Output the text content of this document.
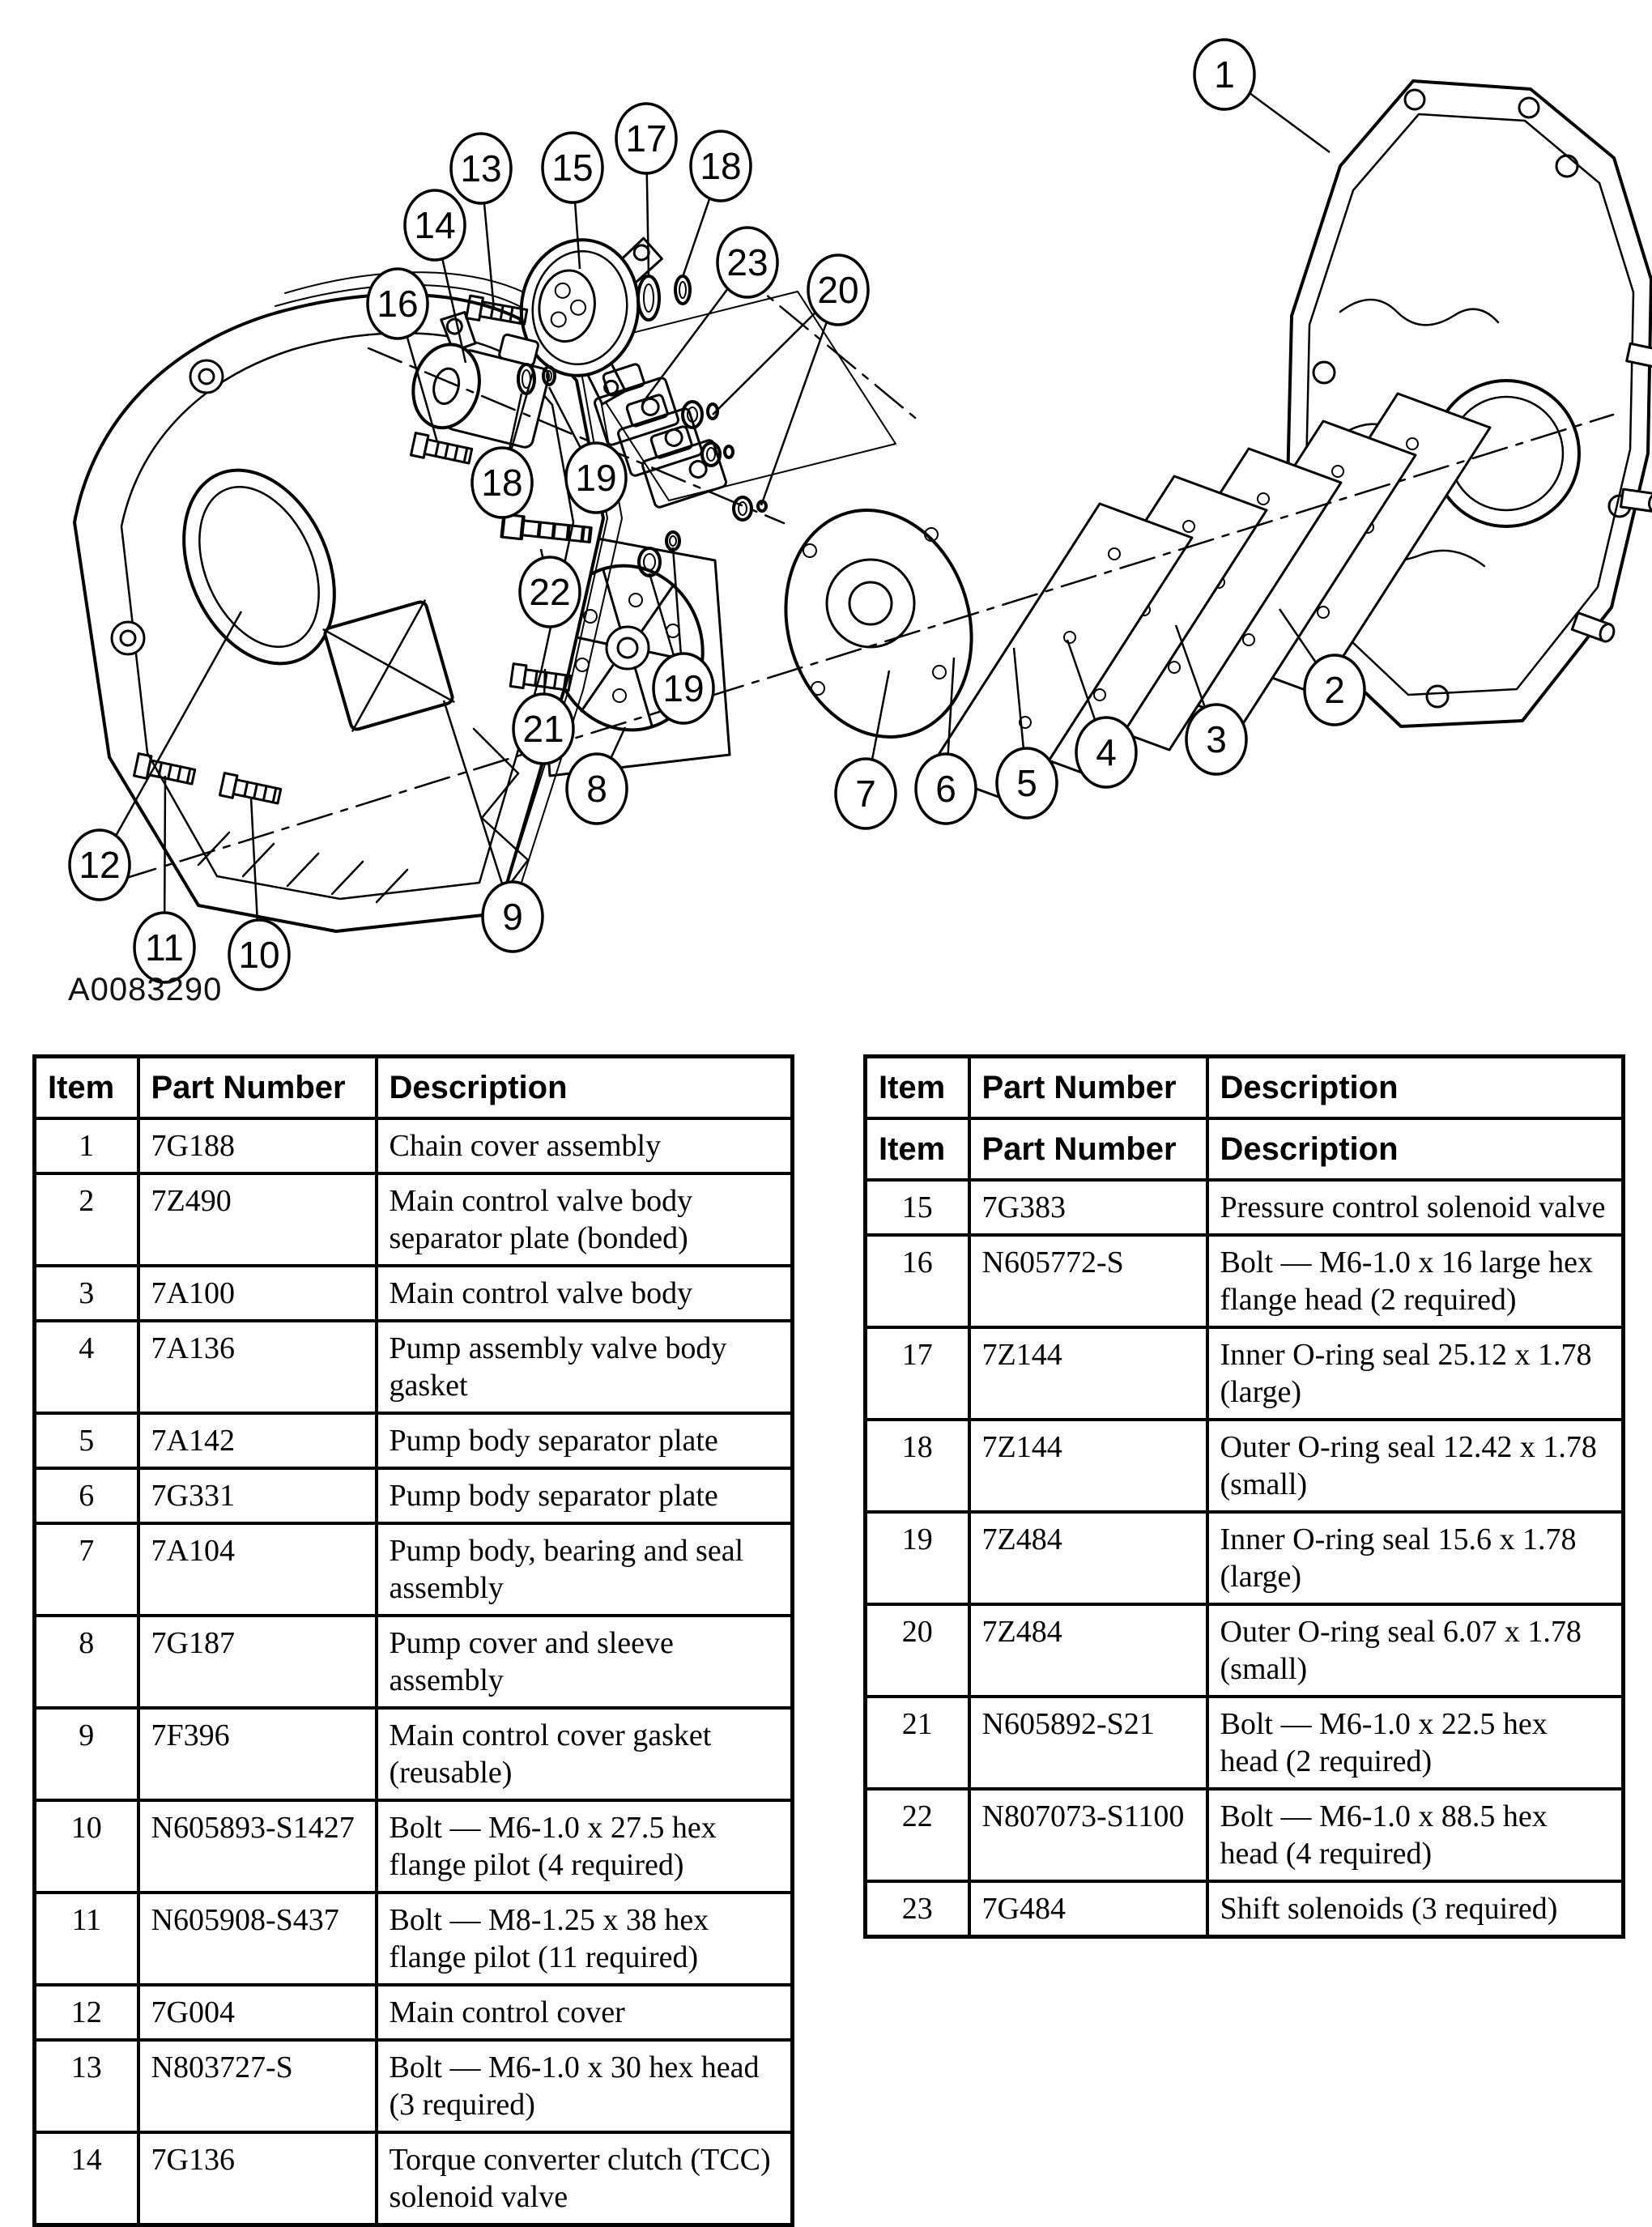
1
2
3
4
5
6
7
8
9
10
11
12
13
14
15
16
17
18
18 19
19
20
21
22
23
A0083290
Item	Part Number	Description
1	7G188	Chain cover assembly
2	7Z490	Main control valve body separator plate (bonded)
3	7A100	Main control valve body
4	7A136	Pump assembly valve body gasket
5	7A142	Pump body separator plate
6	7G331	Pump body separator plate
7	7A104	Pump body, bearing and seal assembly
8	7G187	Pump cover and sleeve assembly
9	7F396	Main control cover gasket (reusable)
10	N605893-S1427	Bolt — M6-1.0 x 27.5 hex flange pilot (4 required)
11	N605908-S437	Bolt — M8-1.25 x 38 hex flange pilot (11 required)
12	7G004	Main control cover
13	N803727-S	Bolt — M6-1.0 x 30 hex head (3 required)
14	7G136	Torque converter clutch (TCC) solenoid valve
Item	Part Number	Description
Item	Part Number	Description
15	7G383	Pressure control solenoid valve
16	N605772-S	Bolt — M6-1.0 x 16 large hex flange head (2 required)
17	7Z144	Inner O-ring seal 25.12 x 1.78 (large)
18	7Z144	Outer O-ring seal 12.42 x 1.78 (small)
19	7Z484	Inner O-ring seal 15.6 x 1.78 (large)
20	7Z484	Outer O-ring seal 6.07 x 1.78 (small)
21	N605892-S21	Bolt — M6-1.0 x 22.5 hex head (2 required)
22	N807073-S1100	Bolt — M6-1.0 x 88.5 hex head (4 required)
23	7G484	Shift solenoids (3 required)
